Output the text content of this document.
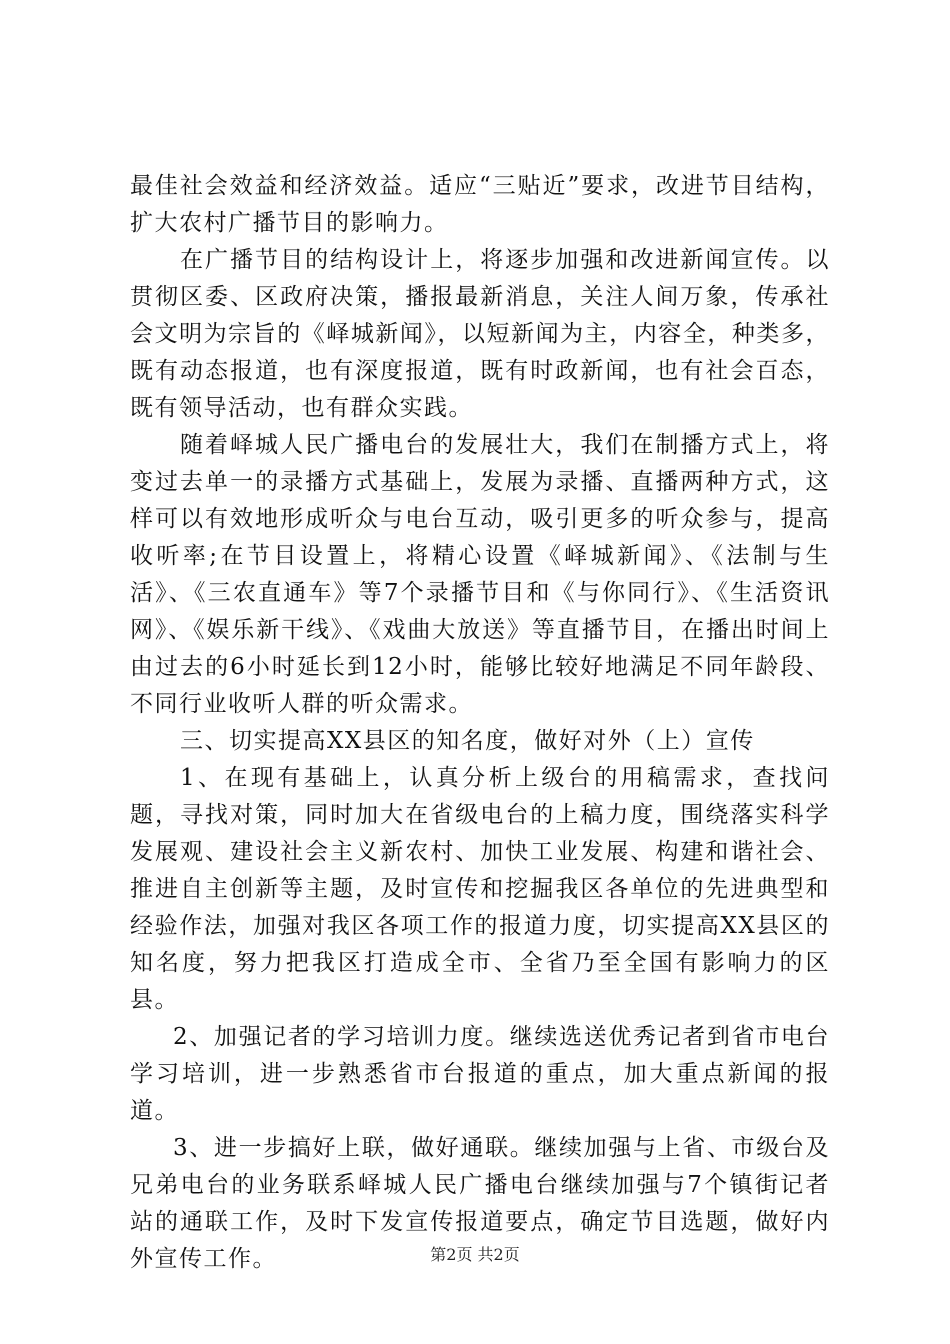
最佳社会效益和经济效益。适应“三贴近”要求，改进节目结构，扩大农村广播节目的影响力。

在广播节目的结构设计上，将逐步加强和改进新闻宣传。以贯彻区委、区政府决策，播报最新消息，关注人间万象，传承社会文明为宗旨的《峄城新闻》，以短新闻为主，内容全，种类多，既有动态报道，也有深度报道，既有时政新闻，也有社会百态，既有领导活动，也有群众实践。

随着峄城人民广播电台的发展壮大，我们在制播方式上，将变过去单一的录播方式基础上，发展为录播、直播两种方式，这样可以有效地形成听众与电台互动，吸引更多的听众参与，提高收听率;在节目设置上，将精心设置《峄城新闻》、《法制与生活》、《三农直通车》等7个录播节目和《与你同行》、《生活资讯网》、《娱乐新干线》、《戏曲大放送》等直播节目，在播出时间上由过去的6小时延长到12小时，能够比较好地满足不同年龄段、不同行业收听人群的听众需求。

三、切实提高XX县区的知名度，做好对外（上）宣传

1、在现有基础上，认真分析上级台的用稿需求，查找问题，寻找对策，同时加大在省级电台的上稿力度，围绕落实科学发展观、建设社会主义新农村、加快工业发展、构建和谐社会、推进自主创新等主题，及时宣传和挖掘我区各单位的先进典型和经验作法，加强对我区各项工作的报道力度，切实提高XX县区的知名度，努力把我区打造成全市、全省乃至全国有影响力的区县。

2、加强记者的学习培训力度。继续选送优秀记者到省市电台学习培训，进一步熟悉省市台报道的重点，加大重点新闻的报道。

3、进一步搞好上联，做好通联。继续加强与上省、市级台及兄弟电台的业务联系峄城人民广播电台继续加强与7个镇街记者站的通联工作，及时下发宣传报道要点，确定节目选题，做好内外宣传工作。	第2页 共2页
